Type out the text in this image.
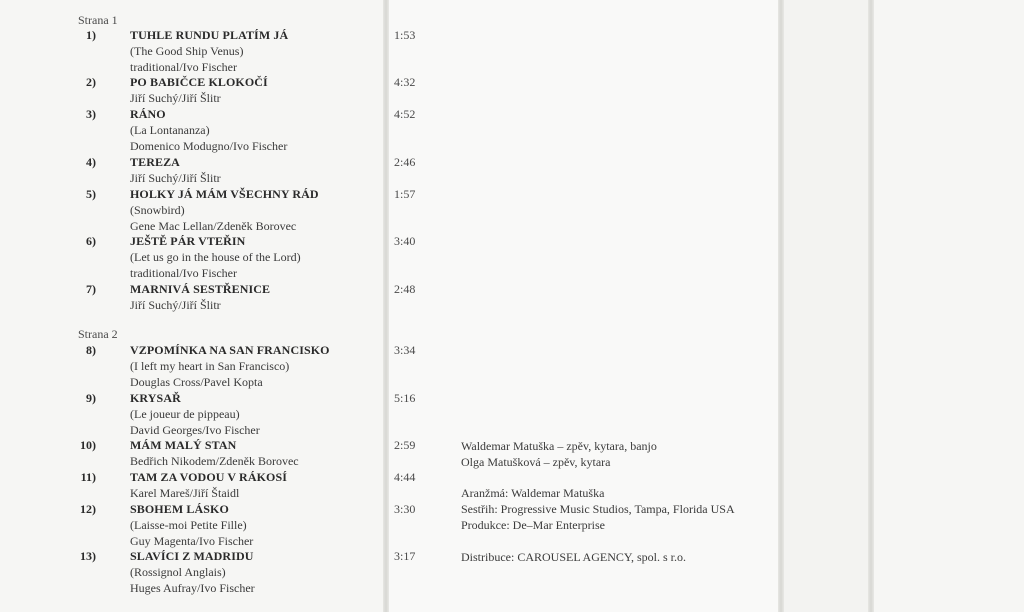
Strana 1
Strana 2
1)	TUHLE RUNDU PLATÍM JÁ
(The Good Ship Venus)
traditional/Ivo Fischer
1:53
2)	PO BABIČCE KLOKOČÍ
Jiří Suchý/Jiří Šlitr
4:32
3)	RÁNO
(La Lontananza)
Domenico Modugno/Ivo Fischer
4:52
4)	TEREZA
Jiří Suchý/Jiří Šlitr
2:46
5)	HOLKY JÁ MÁM VŠECHNY RÁD
(Snowbird)
Gene Mac Lellan/Zdeněk Borovec
1:57
6)	JEŠTĚ PÁR VTEŘIN
(Let us go in the house of the Lord)
traditional/Ivo Fischer
3:40
7)	MARNIVÁ SESTŘENICE
Jiří Suchý/Jiří Šlitr
2:48
8)	VZPOMÍNKA NA SAN FRANCISKO
(I left my heart in San Francisco)
Douglas Cross/Pavel Kopta
3:34
9)	KRYSAŘ
(Le joueur de pippeau)
David Georges/Ivo Fischer
5:16
10)	MÁM MALÝ STAN
Bedřich Nikodem/Zdeněk Borovec
2:59
11)	TAM ZA VODOU V RÁKOSÍ
Karel Mareš/Jiří Štaidl
4:44
12)	SBOHEM LÁSKO
(Laisse-moi Petite Fille)
Guy Magenta/Ivo Fischer
3:30
13)	SLAVÍCI Z MADRIDU
(Rossignol Anglais)
Huges Aufray/Ivo Fischer
3:17
Waldemar Matuška – zpěv, kytara, banjo
Olga Matušková – zpěv, kytara
Aranžmá: Waldemar Matuška
Sestřih: Progressive Music Studios, Tampa, Florida USA
Produkce: De–Mar Enterprise
Distribuce: CAROUSEL AGENCY, spol. s r.o.
